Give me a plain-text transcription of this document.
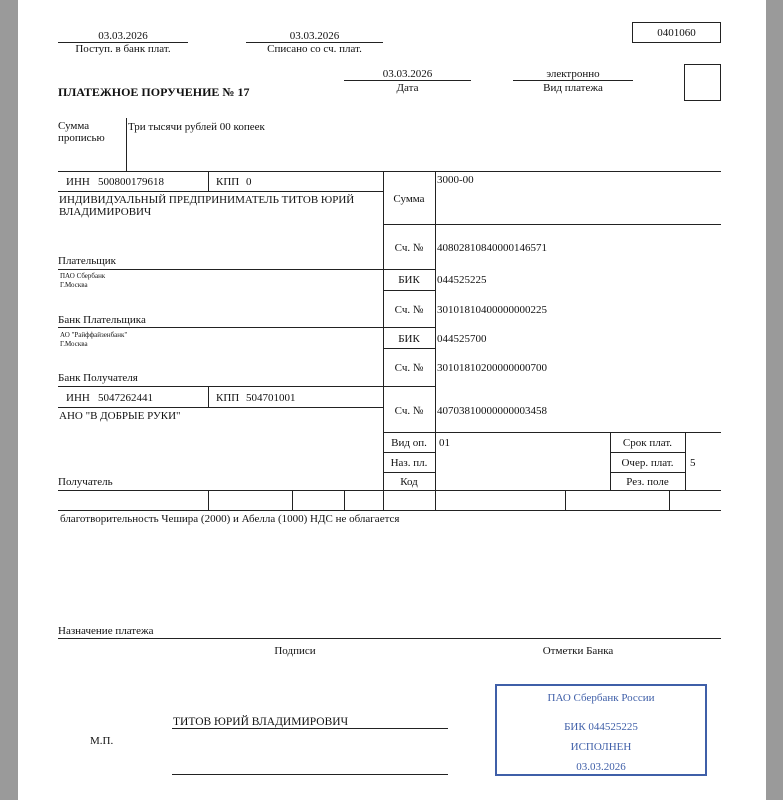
03.03.2026
Поступ. в банк плат.
03.03.2026
Списано со сч. плат.
0401060
ПЛАТЕЖНОЕ ПОРУЧЕНИЕ № 17
03.03.2026
Дата
электронно
Вид платежа
Сумма
прописью
Три тысячи рублей 00 копеек
ИНН 500800179618	КПП 0
ИНДИВИДУАЛЬНЫЙ ПРЕДПРИНИМАТЕЛЬ ТИТОВ ЮРИЙ
ВЛАДИМИРОВИЧ
Плательщик
Сумма
3000-00
Сч. №	40802810840000146571
ПАО Сбербанк
Г.Москва
Банк Плательщика
БИК	044525225
Сч. №	30101810400000000225
АО "Райффайзенбанк"
Г.Москва
Банк Получателя
БИК	044525700
Сч. №	30101810200000000700
ИНН 5047262441	КПП 504701001
АНО "В ДОБРЫЕ РУКИ"
Получатель
Сч. №	40703810000000003458
Вид оп.	01
Наз. пл.
Код
Срок плат.
Очер. плат.	5
Рез. поле
благотворительность Чешира (2000) и Абелла (1000) НДС не облагается
Назначение платежа
Подписи	Отметки Банка
М.П.
ТИТОВ ЮРИЙ ВЛАДИМИРОВИЧ
ПАО Сбербанк России
БИК 044525225
ИСПОЛНЕН
03.03.2026
